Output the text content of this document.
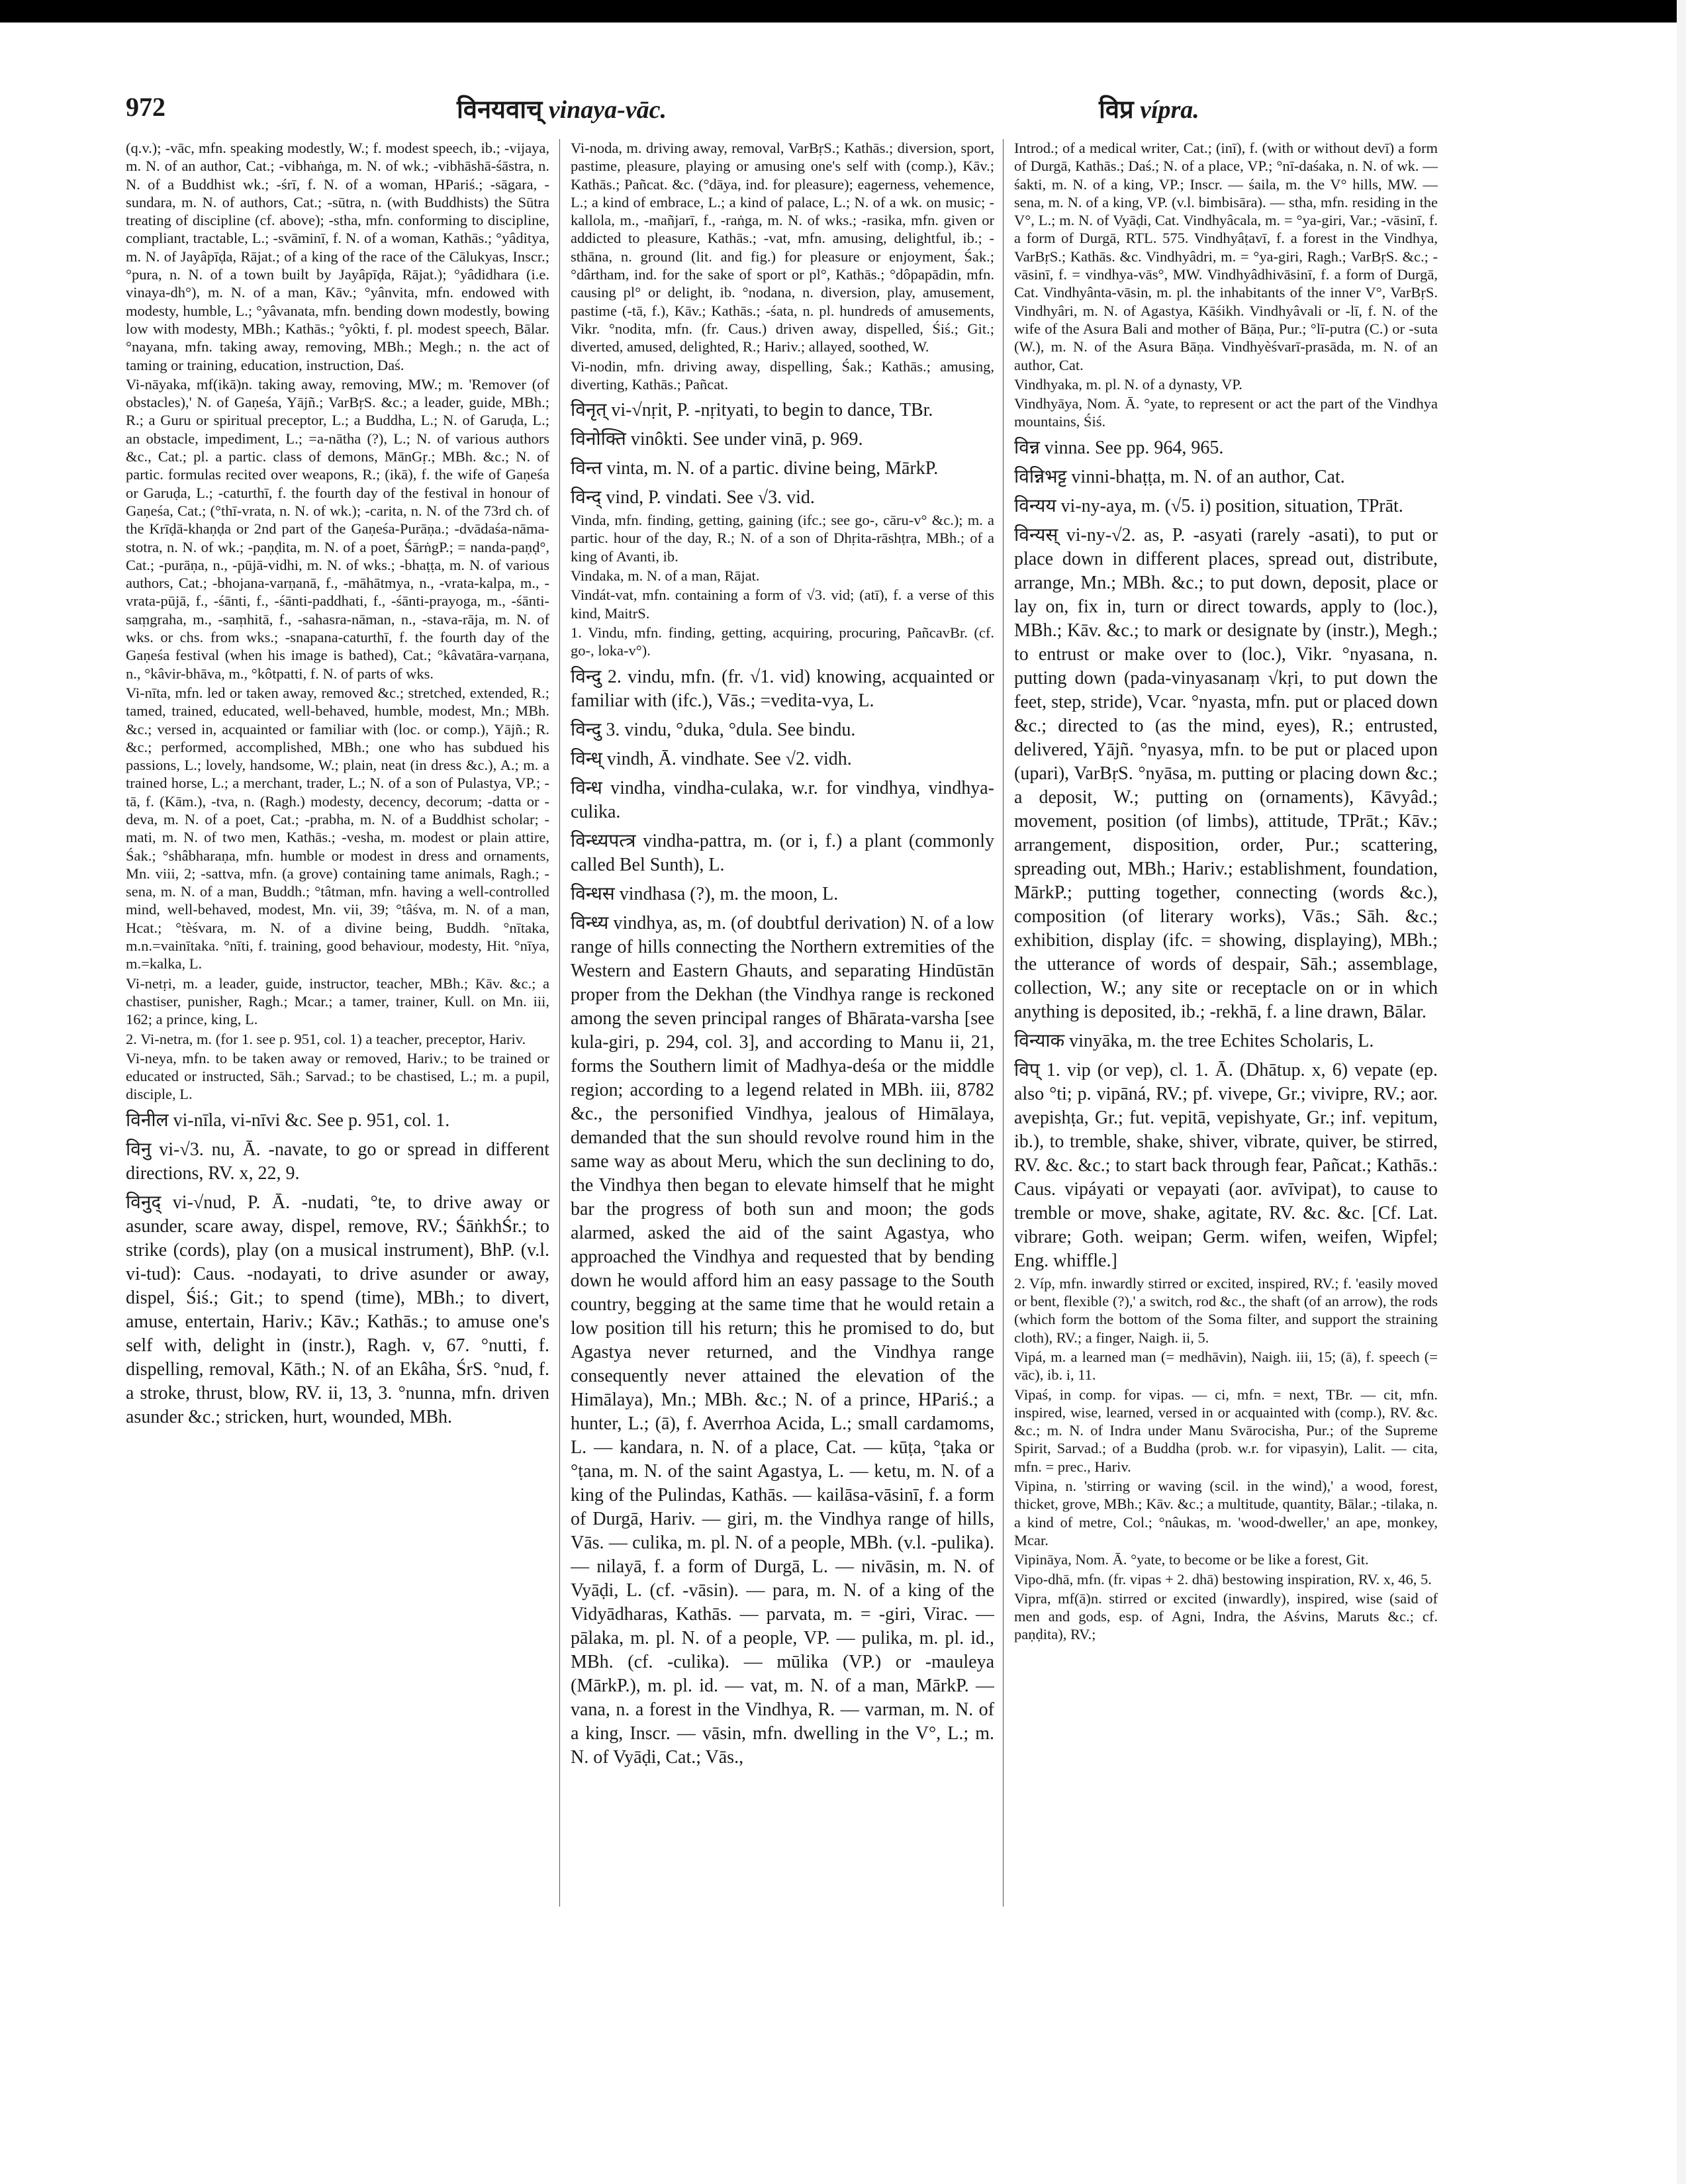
972	विनयवाच् vinaya-vāc.	विप्र vípra.
(q.v.); -vāc, mfn. speaking modestly, W.; f. modest speech, ib.; -vijaya, m. N. of an author, Cat.; -vibhaṅga, m. N. of wk.; -vibhāshā-śāstra, n. N. of a Buddhist wk.; -śrī, f. N. of a woman, HPariś.; -sāgara, -sundara, m. N. of authors, Cat.; -sūtra, n. (with Buddhists) the Sūtra treating of discipline (cf. above); -stha, mfn. conforming to discipline, compliant, tractable, L.; -svāminī, f. N. of a woman, Kathās.; °yâditya, m. N. of Jayâpīḍa, Rājat.; of a king of the race of the Cālukyas, Inscr.; °pura, n. N. of a town built by Jayâpīḍa, Rājat.); °yâdidhara (i.e. vinaya-dh°), m. N. of a man, Kāv.; °yânvita, mfn. endowed with modesty, humble, L.; °yâvanata, mfn. bending down modestly, bowing low with modesty, MBh.; Kathās.; °yôkti, f. pl. modest speech, Bālar. °nayana, mfn. taking away, removing, MBh.; Megh.; n. the act of taming or training, education, instruction, Daś.
Vi-nāyaka, mf(ikā)n. taking away, removing, MW.; m. 'Remover (of obstacles),' N. of Gaṇeśa, Yājñ.; VarBṛS. &c.; a leader, guide, MBh.; R.; a Guru or spiritual preceptor, L.; a Buddha, L.; N. of Garuḍa, L.; an obstacle, impediment, L.; =a-nātha (?), L.; N. of various authors &c., Cat.; pl. a partic. class of demons, MānGṛ.; MBh. &c.; N. of partic. formulas recited over weapons, R.; (ikā), f. the wife of Gaṇeśa or Garuḍa, L.; -caturthī, f. the fourth day of the festival in honour of Gaṇeśa, Cat.; (°thī-vrata, n. N. of wk.); -carita, n. N. of the 73rd ch. of the Krīḍā-khaṇḍa or 2nd part of the Gaṇeśa-Purāṇa.; -dvādaśa-nāma-stotra, n. N. of wk.; -paṇḍita, m. N. of a poet, ŚārṅgP.; = nanda-paṇḍ°, Cat.; -purāṇa, n., -pūjā-vidhi, m. N. of wks.; -bhaṭṭa, m. N. of various authors, Cat.; -bhojana-varṇanā, f., -māhātmya, n., -vrata-kalpa, m., -vrata-pūjā, f., -śānti, f., -śānti-paddhati, f., -śānti-prayoga, m., -śānti-saṃgraha, m., -saṃhitā, f., -sahasra-nāman, n., -stava-rāja, m. N. of wks. or chs. from wks.; -snapana-caturthī, f. the fourth day of the Gaṇeśa festival (when his image is bathed), Cat.; °kâvatāra-varṇana, n., °kâvir-bhāva, m., °kôtpatti, f. N. of parts of wks.
Vi-nīta, mfn. led or taken away, removed &c.; stretched, extended, R.; tamed, trained, educated, well-behaved, humble, modest, Mn.; MBh. &c.; versed in, acquainted or familiar with (loc. or comp.), Yājñ.; R. &c.; performed, accomplished, MBh.; one who has subdued his passions, L.; lovely, handsome, W.; plain, neat (in dress &c.), A.; m. a trained horse, L.; a merchant, trader, L.; N. of a son of Pulastya, VP.; -tā, f. (Kām.), -tva, n. (Ragh.) modesty, decency, decorum; -datta or -deva, m. N. of a poet, Cat.; -prabha, m. N. of a Buddhist scholar; -mati, m. N. of two men, Kathās.; -vesha, m. modest or plain attire, Śak.; °shâbharaṇa, mfn. humble or modest in dress and ornaments, Mn. viii, 2; -sattva, mfn. (a grove) containing tame animals, Ragh.; -sena, m. N. of a man, Buddh.; °tâtman, mfn. having a well-controlled mind, well-behaved, modest, Mn. vii, 39; °tâśva, m. N. of a man, Hcat.; °tèśvara, m. N. of a divine being, Buddh. °nītaka, m.n.=vainītaka. °nīti, f. training, good behaviour, modesty, Hit. °nīya, m.=kalka, L.
Vi-netṛi, m. a leader, guide, instructor, teacher, MBh.; Kāv. &c.; a chastiser, punisher, Ragh.; Mcar.; a tamer, trainer, Kull. on Mn. iii, 162; a prince, king, L.
2. Vi-netra, m. (for 1. see p. 951, col. 1) a teacher, preceptor, Hariv.
Vi-neya, mfn. to be taken away or removed, Hariv.; to be trained or educated or instructed, Sāh.; Sarvad.; to be chastised, L.; m. a pupil, disciple, L.
विनील vi-nīla, vi-nīvi &c. See p. 951, col. 1.
विनु vi-√3. nu, Ā. -navate, to go or spread in different directions, RV. x, 22, 9.
विनुद् vi-√nud, P. Ā. -nudati, °te, to drive away or asunder, scare away, dispel, remove, RV.; ŚāṅkhŚr.; to strike (cords), play (on a musical instrument), BhP. (v.l. vi-tud): Caus. -nodayati, to drive asunder or away, dispel, Śiś.; Git.; to spend (time), MBh.; to divert, amuse, entertain, Hariv.; Kāv.; Kathās.; to amuse one's self with, delight in (instr.), Ragh. v, 67. °nutti, f. dispelling, removal, Kāth.; N. of an Ekâha, ŚrS. °nud, f. a stroke, thrust, blow, RV. ii, 13, 3. °nunna, mfn. driven asunder &c.; stricken, hurt, wounded, MBh.
Vi-noda, m. driving away, removal, VarBṛS.; Kathās.; diversion, sport, pastime, pleasure, playing or amusing one's self with (comp.), Kāv.; Kathās.; Pañcat. &c. (°dāya, ind. for pleasure); eagerness, vehemence, L.; a kind of embrace, L.; a kind of palace, L.; N. of a wk. on music; -kallola, m., -mañjarī, f., -raṅga, m. N. of wks.; -rasika, mfn. given or addicted to pleasure, Kathās.; -vat, mfn. amusing, delightful, ib.; -sthāna, n. ground (lit. and fig.) for pleasure or enjoyment, Śak.; °dârtham, ind. for the sake of sport or pl°, Kathās.; °dôpapādin, mfn. causing pl° or delight, ib. °nodana, n. diversion, play, amusement, pastime (-tā, f.), Kāv.; Kathās.; -śata, n. pl. hundreds of amusements, Vikr. °nodita, mfn. (fr. Caus.) driven away, dispelled, Śiś.; Git.; diverted, amused, delighted, R.; Hariv.; allayed, soothed, W.
Vi-nodin, mfn. driving away, dispelling, Śak.; Kathās.; amusing, diverting, Kathās.; Pañcat.
विनृत् vi-√nṛit, P. -nṛityati, to begin to dance, TBr.
विनोक्ति vinôkti. See under vinā, p. 969.
विन्त vinta, m. N. of a partic. divine being, MārkP.
विन्द् vind, P. vindati. See √3. vid.
Vinda, mfn. finding, getting, gaining (ifc.; see go-, cāru-v° &c.); m. a partic. hour of the day, R.; N. of a son of Dhṛita-rāshṭra, MBh.; of a king of Avanti, ib.
Vindaka, m. N. of a man, Rājat.
Vindát-vat, mfn. containing a form of √3. vid; (atī), f. a verse of this kind, MaitrS.
1. Vindu, mfn. finding, getting, acquiring, procuring, PañcavBr. (cf. go-, loka-v°).
विन्दु 2. vindu, mfn. (fr. √1. vid) knowing, acquainted or familiar with (ifc.), Vās.; =vedita-vya, L.
विन्दु 3. vindu, °duka, °dula. See bindu.
विन्ध् vindh, Ā. vindhate. See √2. vidh.
विन्ध vindha, vindha-culaka, w.r. for vindhya, vindhya-culika.
विन्ध्यपत्त्र vindha-pattra, m. (or i, f.) a plant (commonly called Bel Sunth), L.
विन्धस vindhasa (?), m. the moon, L.
विन्ध्य vindhya, as, m. (of doubtful derivation) N. of a low range of hills connecting the Northern extremities of the Western and Eastern Ghauts, and separating Hindūstān proper from the Dekhan (the Vindhya range is reckoned among the seven principal ranges of Bhārata-varsha [see kula-giri, p. 294, col. 3], and according to Manu ii, 21, forms the Southern limit of Madhya-deśa or the middle region; according to a legend related in MBh. iii, 8782 &c., the personified Vindhya, jealous of Himālaya, demanded that the sun should revolve round him in the same way as about Meru, which the sun declining to do, the Vindhya then began to elevate himself that he might bar the progress of both sun and moon; the gods alarmed, asked the aid of the saint Agastya, who approached the Vindhya and requested that by bending down he would afford him an easy passage to the South country, begging at the same time that he would retain a low position till his return; this he promised to do, but Agastya never returned, and the Vindhya range consequently never attained the elevation of the Himālaya), Mn.; MBh. &c.; N. of a prince, HPariś.; a hunter, L.; (ā), f. Averrhoa Acida, L.; small cardamoms, L. — kandara, n. N. of a place, Cat. — kūṭa, °ṭaka or °ṭana, m. N. of the saint Agastya, L. — ketu, m. N. of a king of the Pulindas, Kathās. — kailāsa-vāsinī, f. a form of Durgā, Hariv. — giri, m. the Vindhya range of hills, Vās. — culika, m. pl. N. of a people, MBh. (v.l. -pulika). — nilayā, f. a form of Durgā, L. — nivāsin, m. N. of Vyāḍi, L. (cf. -vāsin). — para, m. N. of a king of the Vidyādharas, Kathās. — parvata, m. = -giri, Virac. — pālaka, m. pl. N. of a people, VP. — pulika, m. pl. id., MBh. (cf. -culika). — mūlika (VP.) or -mauleya (MārkP.), m. pl. id. — vat, m. N. of a man, MārkP. — vana, n. a forest in the Vindhya, R. — varman, m. N. of a king, Inscr. — vāsin, mfn. dwelling in the V°, L.; m. N. of Vyāḍi, Cat.; Vās.,
Introd.; of a medical writer, Cat.; (inī), f. (with or without devī) a form of Durgā, Kathās.; Daś.; N. of a place, VP.; °nī-daśaka, n. N. of wk. — śakti, m. N. of a king, VP.; Inscr. — śaila, m. the V° hills, MW. — sena, m. N. of a king, VP. (v.l. bimbisāra). — stha, mfn. residing in the V°, L.; m. N. of Vyāḍi, Cat. Vindhyâcala, m. = °ya-giri, Var.; -vāsinī, f. a form of Durgā, RTL. 575. Vindhyâṭavī, f. a forest in the Vindhya, VarBṛS.; Kathās. &c. Vindhyâdri, m. = °ya-giri, Ragh.; VarBṛS. &c.; -vāsinī, f. = vindhya-vās°, MW. Vindhyâdhivāsinī, f. a form of Durgā, Cat. Vindhyânta-vāsin, m. pl. the inhabitants of the inner V°, VarBṛS. Vindhyâri, m. N. of Agastya, Kāśikh. Vindhyâvali or -lī, f. N. of the wife of the Asura Bali and mother of Bāṇa, Pur.; °lī-putra (C.) or -suta (W.), m. N. of the Asura Bāṇa. Vindhyèśvarī-prasāda, m. N. of an author, Cat.
Vindhyaka, m. pl. N. of a dynasty, VP.
Vindhyāya, Nom. Ā. °yate, to represent or act the part of the Vindhya mountains, Śiś.
विन्न vinna. See pp. 964, 965.
विन्निभट्ट vinni-bhaṭṭa, m. N. of an author, Cat.
विन्यय vi-ny-aya, m. (√5. i) position, situation, TPrāt.
विन्यस् vi-ny-√2. as, P. -asyati (rarely -asati), to put or place down in different places, spread out, distribute, arrange, Mn.; MBh. &c.; to put down, deposit, place or lay on, fix in, turn or direct towards, apply to (loc.), MBh.; Kāv. &c.; to mark or designate by (instr.), Megh.; to entrust or make over to (loc.), Vikr. °nyasana, n. putting down (pada-vinyasanaṃ √kṛi, to put down the feet, step, stride), Vcar. °nyasta, mfn. put or placed down &c.; directed to (as the mind, eyes), R.; entrusted, delivered, Yājñ. °nyasya, mfn. to be put or placed upon (upari), VarBṛS. °nyāsa, m. putting or placing down &c.; a deposit, W.; putting on (ornaments), Kāvyâd.; movement, position (of limbs), attitude, TPrāt.; Kāv.; arrangement, disposition, order, Pur.; scattering, spreading out, MBh.; Hariv.; establishment, foundation, MārkP.; putting together, connecting (words &c.), composition (of literary works), Vās.; Sāh. &c.; exhibition, display (ifc. = showing, displaying), MBh.; the utterance of words of despair, Sāh.; assemblage, collection, W.; any site or receptacle on or in which anything is deposited, ib.; -rekhā, f. a line drawn, Bālar.
विन्याक vinyāka, m. the tree Echites Scholaris, L.
विप् 1. vip (or vep), cl. 1. Ā. (Dhātup. x, 6) vepate (ep. also °ti; p. vipāná, RV.; pf. vivepe, Gr.; vivipre, RV.; aor. avepishṭa, Gr.; fut. vepitā, vepishyate, Gr.; inf. vepitum, ib.), to tremble, shake, shiver, vibrate, quiver, be stirred, RV. &c. &c.; to start back through fear, Pañcat.; Kathās.: Caus. vipáyati or vepayati (aor. avīvipat), to cause to tremble or move, shake, agitate, RV. &c. &c. [Cf. Lat. vibrare; Goth. weipan; Germ. wifen, weifen, Wipfel; Eng. whiffle.]
2. Víp, mfn. inwardly stirred or excited, inspired, RV.; f. 'easily moved or bent, flexible (?),' a switch, rod &c., the shaft (of an arrow), the rods (which form the bottom of the Soma filter, and support the straining cloth), RV.; a finger, Naigh. ii, 5.
Vipá, m. a learned man (= medhāvin), Naigh. iii, 15; (ā), f. speech (= vāc), ib. i, 11.
Vipaś, in comp. for vipas. — ci, mfn. = next, TBr. — cit, mfn. inspired, wise, learned, versed in or acquainted with (comp.), RV. &c. &c.; m. N. of Indra under Manu Svārocisha, Pur.; of the Supreme Spirit, Sarvad.; of a Buddha (prob. w.r. for vipasyin), Lalit. — cita, mfn. = prec., Hariv.
Vipina, n. 'stirring or waving (scil. in the wind),' a wood, forest, thicket, grove, MBh.; Kāv. &c.; a multitude, quantity, Bālar.; -tilaka, n. a kind of metre, Col.; °nâukas, m. 'wood-dweller,' an ape, monkey, Mcar.
Vipināya, Nom. Ā. °yate, to become or be like a forest, Git.
Vipo-dhā, mfn. (fr. vipas + 2. dhā) bestowing inspiration, RV. x, 46, 5.
Vipra, mf(ā)n. stirred or excited (inwardly), inspired, wise (said of men and gods, esp. of Agni, Indra, the Aśvins, Maruts &c.; cf. paṇḍita), RV.;
